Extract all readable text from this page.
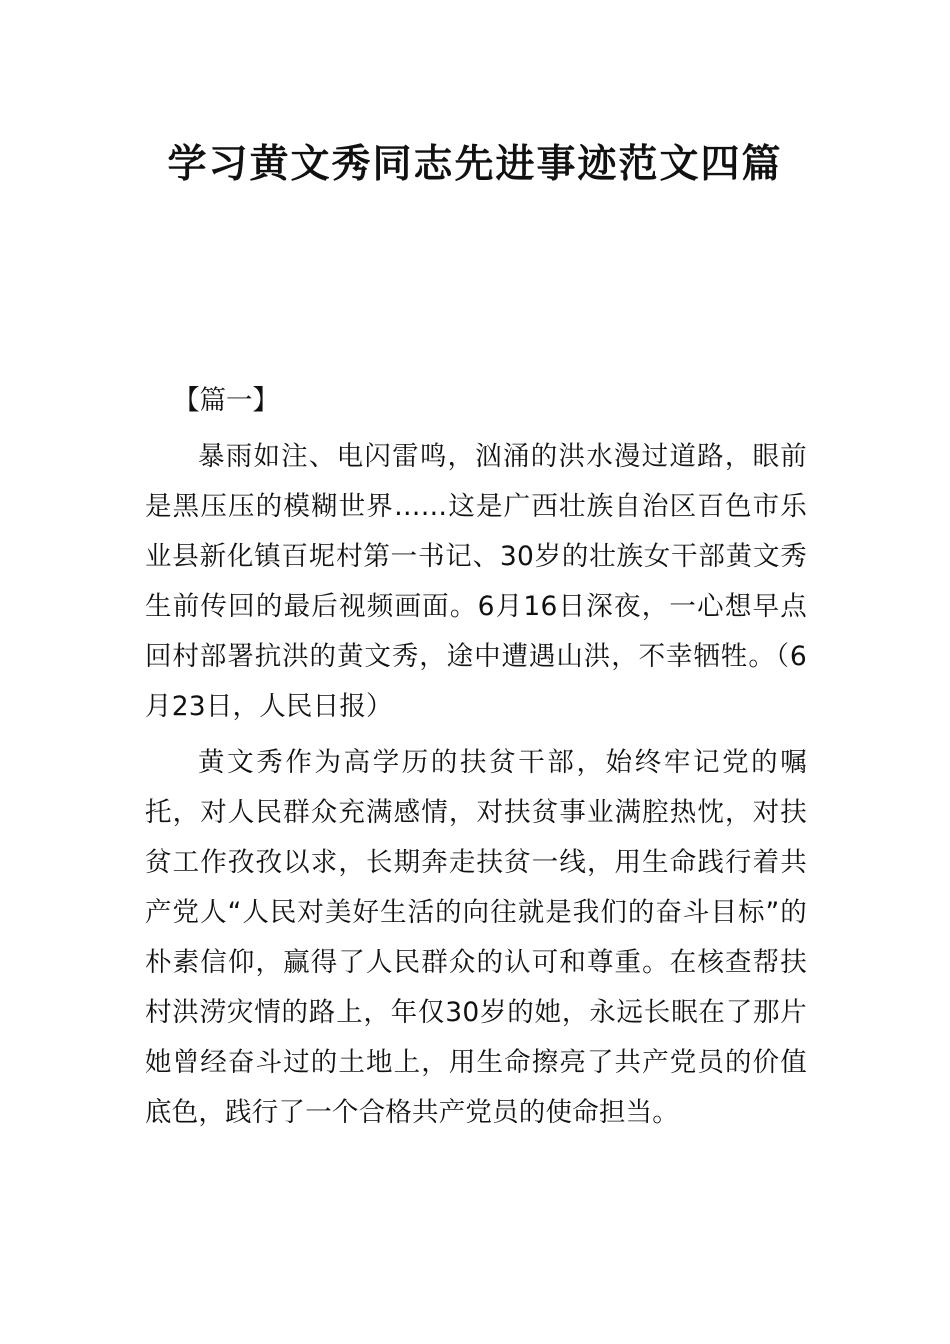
学习黄文秀同志先进事迹范文四篇

【篇一】

暴雨如注、电闪雷鸣，汹涌的洪水漫过道路，眼前是黑压压的模糊世界……这是广西壮族自治区百色市乐业县新化镇百坭村第一书记、30岁的壮族女干部黄文秀生前传回的最后视频画面。6月16日深夜，一心想早点回村部署抗洪的黄文秀，途中遭遇山洪，不幸牺牲。（6月23日，人民日报）

黄文秀作为高学历的扶贫干部，始终牢记党的嘱托，对人民群众充满感情，对扶贫事业满腔热忱，对扶贫工作孜孜以求，长期奔走扶贫一线，用生命践行着共产党人“人民对美好生活的向往就是我们的奋斗目标”的朴素信仰，赢得了人民群众的认可和尊重。在核查帮扶村洪涝灾情的路上，年仅30岁的她，永远长眠在了那片她曾经奋斗过的土地上，用生命擦亮了共产党员的价值底色，践行了一个合格共产党员的使命担当。
